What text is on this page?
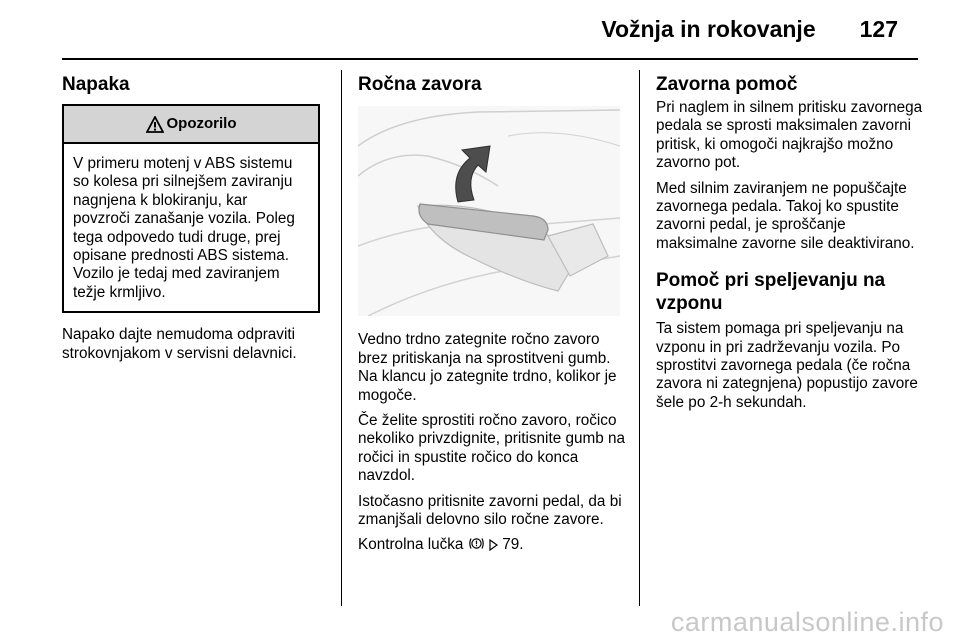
Vožnja in rokovanje 127
Napaka
Opozorilo
V primeru motenj v ABS sistemu so kolesa pri silnejšem zaviranju nagnjena k blokiranju, kar povzroči zanašanje vozila. Poleg tega odpovedo tudi druge, prej opisane prednosti ABS sistema. Vozilo je tedaj med zaviranjem težje krmljivo.

Napako dajte nemudoma odpraviti strokovnjakom v servisni delavnici.

Ročna zavora

Vedno trdno zategnite ročno zavoro brez pritiskanja na sprostitveni gumb. Na klancu jo zategnite trdno, kolikor je mogoče.

Če želite sprostiti ročno zavoro, ročico nekoliko privzdignite, pritisnite gumb na ročici in spustite ročico do konca navzdol.

Istočasno pritisnite zavorni pedal, da bi zmanjšali delovno silo ročne zavore.

Kontrolna lučka	79.

Zavorna pomoč

Pri naglem in silnem pritisku zavornega pedala se sprosti maksimalen zavorni pritisk, ki omogoči najkrajšo možno zavorno pot.

Med silnim zaviranjem ne popuščajte zavornega pedala. Takoj ko spustite zavorni pedal, je sproščanje maksimalne zavorne sile deaktivirano.

Pomoč pri speljevanju na vzponu

Ta sistem pomaga pri speljevanju na vzponu in pri zadrževanju vozila. Po sprostitvi zavornega pedala (če ročna zavora ni zategnjena) popustijo zavore šele po 2-h sekundah.

carmanualsonline.info
